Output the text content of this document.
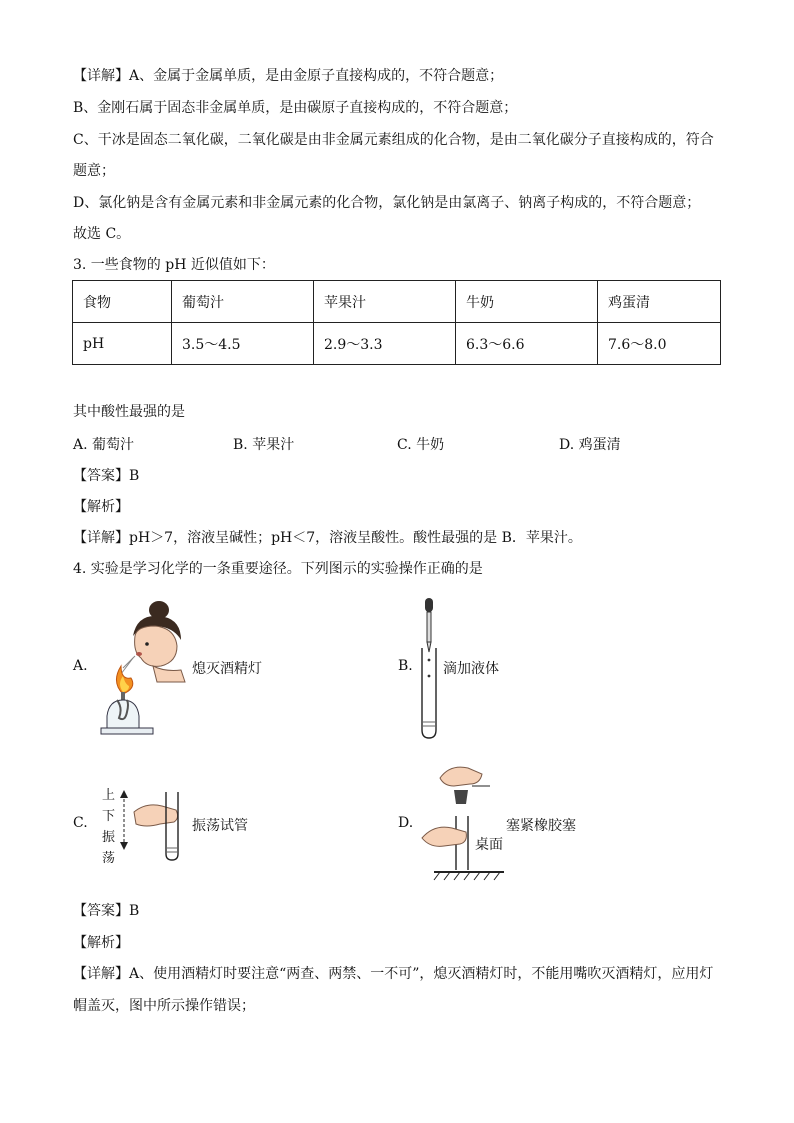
【详解】A、金属于金属单质，是由金原子直接构成的，不符合题意；
B、金刚石属于固态非金属单质，是由碳原子直接构成的，不符合题意；
C、干冰是固态二氧化碳，二氧化碳是由非金属元素组成的化合物，是由二氧化碳分子直接构成的，符合
题意；
D、氯化钠是含有金属元素和非金属元素的化合物，氯化钠是由氯离子、钠离子构成的，不符合题意；
故选 C。
3. 一些食物的 pH 近似值如下：
食物	葡萄汁	苹果汁	牛奶	鸡蛋清
pH	3.5～4.5	2.9～3.3	6.3～6.6	7.6～8.0
其中酸性最强的是
A. 葡萄汁	B. 苹果汁	C. 牛奶	D. 鸡蛋清
【答案】B
【解析】
【详解】pH＞7，溶液呈碱性；pH＜7，溶液呈酸性。酸性最强的是 B．苹果汁。
4. 实验是学习化学的一条重要途径。下列图示的实验操作正确的是
A.	熄灭酒精灯	B. 滴加液体
C.
上
下
振
荡
振荡试管	D.	塞紧橡胶塞
桌面
【答案】B
【解析】
【详解】A、使用酒精灯时要注意“两查、两禁、一不可”，熄灭酒精灯时，不能用嘴吹灭酒精灯，应用灯
帽盖灭，图中所示操作错误；
